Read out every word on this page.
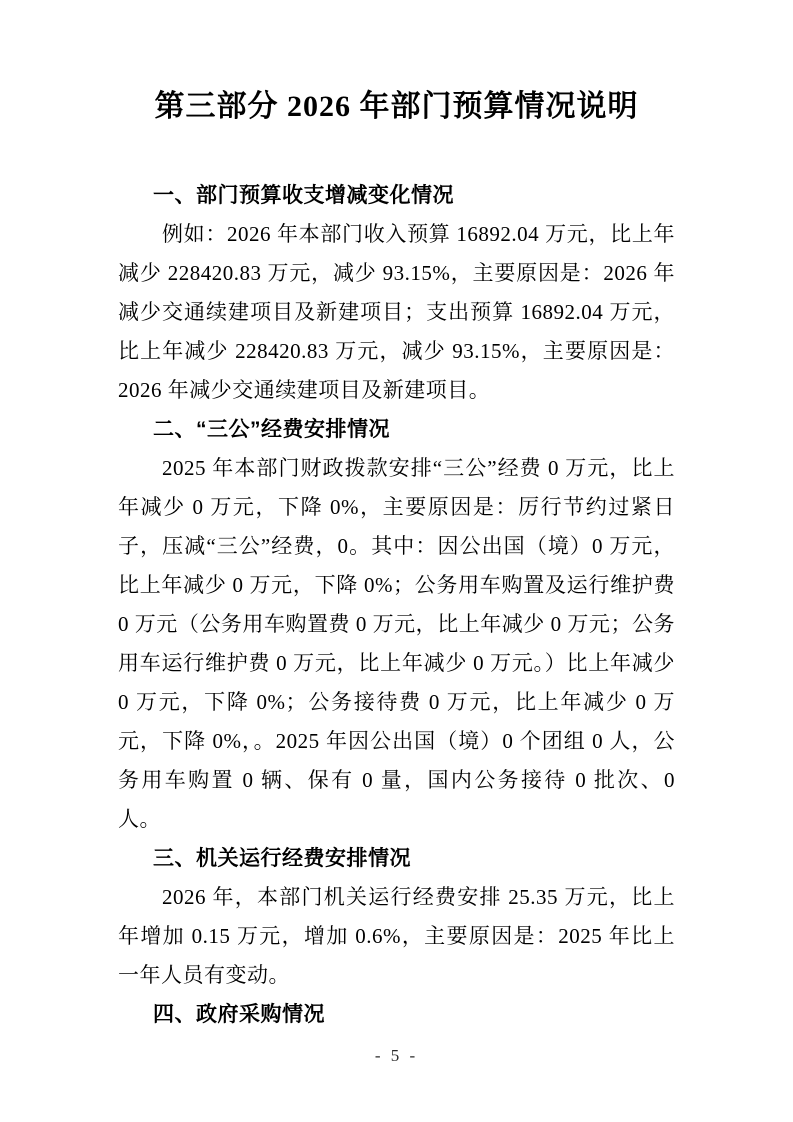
第三部分 2026 年部门预算情况说明
一、部门预算收支增减变化情况

例如：2026 年本部门收入预算 16892.04 万元，比上年减少 228420.83 万元，减少 93.15%，主要原因是：2026 年减少交通续建项目及新建项目；支出预算 16892.04 万元，比上年减少 228420.83 万元，减少 93.15%，主要原因是：2026 年减少交通续建项目及新建项目。

二、“三公”经费安排情况

2025 年本部门财政拨款安排“三公”经费 0 万元，比上年减少 0 万元，下降 0%，主要原因是：厉行节约过紧日子，压减“三公”经费，0。其中：因公出国（境）0 万元，比上年减少 0 万元，下降 0%；公务用车购置及运行维护费 0 万元（公务用车购置费 0 万元，比上年减少 0 万元；公务用车运行维护费 0 万元，比上年减少 0 万元。）比上年减少 0 万元，下降 0%；公务接待费 0 万元，比上年减少 0 万元，下降 0%，。2025 年因公出国（境）0 个团组 0 人，公务用车购置 0 辆、保有 0 量，国内公务接待 0 批次、0 人。

三、机关运行经费安排情况

2026 年，本部门机关运行经费安排 25.35 万元，比上年增加 0.15 万元，增加 0.6%，主要原因是：2025 年比上一年人员有变动。

四、政府采购情况
- 5 -
